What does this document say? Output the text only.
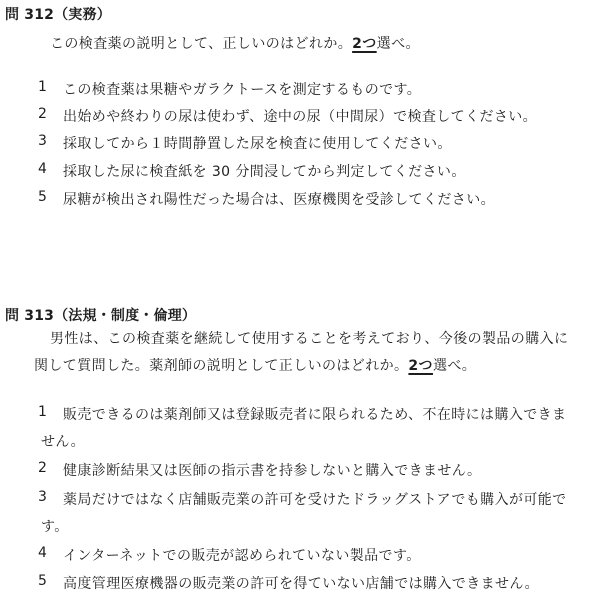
問 312（実務）
この検査薬の説明として、正しいのはどれか。2つ選べ。
1	この検査薬は果糖やガラクトースを測定するものです。
2	出始めや終わりの尿は使わず、途中の尿（中間尿）で検査してください。
3	採取してから１時間静置した尿を検査に使用してください。
4	採取した尿に検査紙を 30 分間浸してから判定してください。
5	尿糖が検出され陽性だった場合は、医療機関を受診してください。
問 313（法規・制度・倫理）
男性は、この検査薬を継続して使用することを考えており、今後の製品の購入に
関して質問した。薬剤師の説明として正しいのはどれか。2つ選べ。
1	販売できるのは薬剤師又は登録販売者に限られるため、不在時には購入できま
せん。
2	健康診断結果又は医師の指示書を持参しないと購入できません。
3	薬局だけではなく店舗販売業の許可を受けたドラッグストアでも購入が可能で
す。
4	インターネットでの販売が認められていない製品です。
5	高度管理医療機器の販売業の許可を得ていない店舗では購入できません。
